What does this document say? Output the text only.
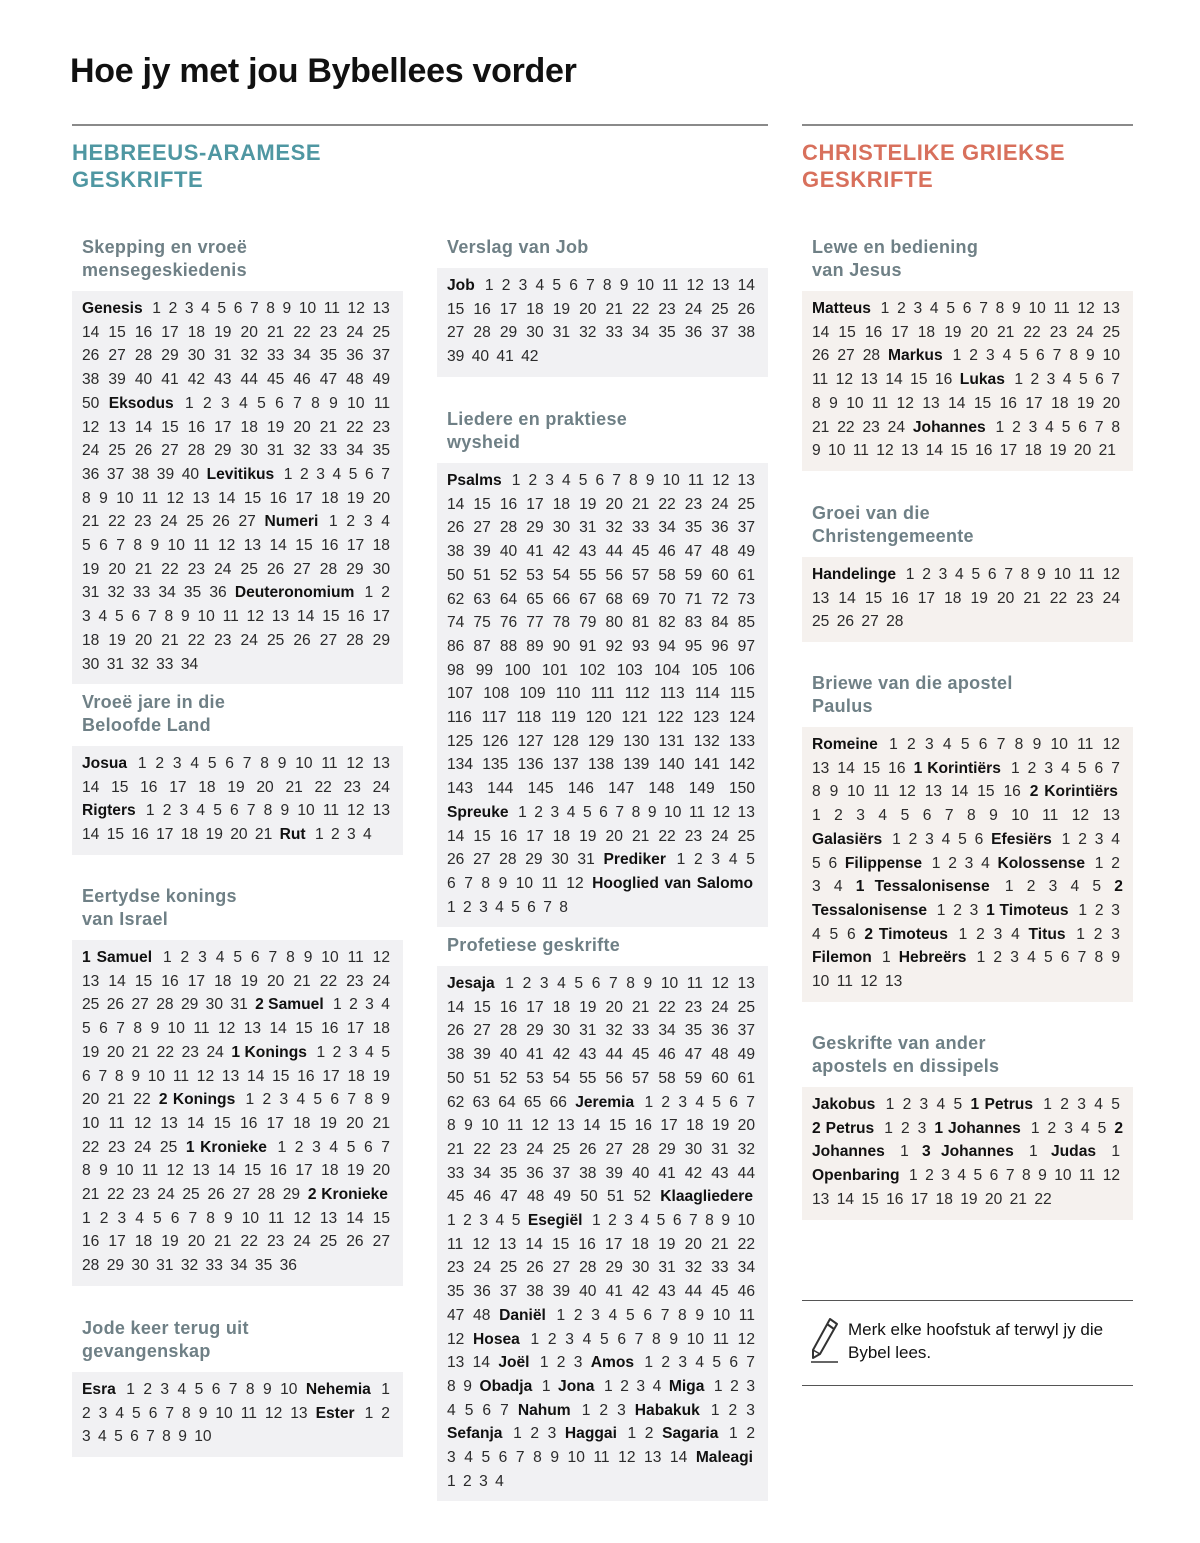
Hoe jy met jou Bybellees vorder
HEBREEUS-ARAMESE
GESKRIFTE
CHRISTELIKE GRIEKSE
GESKRIFTE
Skepping en vroeë
mensegeskiedenis
Genesis 1 2 3 4 5 6 7 8 9 10 11 12 13 14 15 16 17 18 19 20 21 22 23 24 25 26 27 28 29 30 31 32 33 34 35 36 37 38 39 40 41 42 43 44 45 46 47 48 49 50 Eksodus 1 2 3 4 5 6 7 8 9 10 11 12 13 14 15 16 17 18 19 20 21 22 23 24 25 26 27 28 29 30 31 32 33 34 35 36 37 38 39 40 Levitikus 1 2 3 4 5 6 7 8 9 10 11 12 13 14 15 16 17 18 19 20 21 22 23 24 25 26 27 Numeri 1 2 3 4 5 6 7 8 9 10 11 12 13 14 15 16 17 18 19 20 21 22 23 24 25 26 27 28 29 30 31 32 33 34 35 36 Deuteronomium 1 2 3 4 5 6 7 8 9 10 11 12 13 14 15 16 17 18 19 20 21 22 23 24 25 26 27 28 29 30 31 32 33 34
Vroeë jare in die
Beloofde Land
Josua 1 2 3 4 5 6 7 8 9 10 11 12 13 14 15 16 17 18 19 20 21 22 23 24 Rigters 1 2 3 4 5 6 7 8 9 10 11 12 13 14 15 16 17 18 19 20 21 Rut 1 2 3 4
Eertydse konings
van Israel
1 Samuel 1 2 3 4 5 6 7 8 9 10 11 12 13 14 15 16 17 18 19 20 21 22 23 24 25 26 27 28 29 30 31 2 Samuel 1 2 3 4 5 6 7 8 9 10 11 12 13 14 15 16 17 18 19 20 21 22 23 24 1 Konings 1 2 3 4 5 6 7 8 9 10 11 12 13 14 15 16 17 18 19 20 21 22 2 Konings 1 2 3 4 5 6 7 8 9 10 11 12 13 14 15 16 17 18 19 20 21 22 23 24 25 1 Kronieke 1 2 3 4 5 6 7 8 9 10 11 12 13 14 15 16 17 18 19 20 21 22 23 24 25 26 27 28 29 2 Kronieke 1 2 3 4 5 6 7 8 9 10 11 12 13 14 15 16 17 18 19 20 21 22 23 24 25 26 27 28 29 30 31 32 33 34 35 36
Jode keer terug uit
gevangenskap
Esra 1 2 3 4 5 6 7 8 9 10 Nehemia 1 2 3 4 5 6 7 8 9 10 11 12 13 Ester 1 2 3 4 5 6 7 8 9 10
Verslag van Job
Job 1 2 3 4 5 6 7 8 9 10 11 12 13 14 15 16 17 18 19 20 21 22 23 24 25 26 27 28 29 30 31 32 33 34 35 36 37 38 39 40 41 42
Liedere en praktiese
wysheid
Psalms 1 2 3 4 5 6 7 8 9 10 11 12 13 14 15 16 17 18 19 20 21 22 23 24 25 26 27 28 29 30 31 32 33 34 35 36 37 38 39 40 41 42 43 44 45 46 47 48 49 50 51 52 53 54 55 56 57 58 59 60 61 62 63 64 65 66 67 68 69 70 71 72 73 74 75 76 77 78 79 80 81 82 83 84 85 86 87 88 89 90 91 92 93 94 95 96 97 98 99 100 101 102 103 104 105 106 107 108 109 110 111 112 113 114 115 116 117 118 119 120 121 122 123 124 125 126 127 128 129 130 131 132 133 134 135 136 137 138 139 140 141 142 143 144 145 146 147 148 149 150 Spreuke 1 2 3 4 5 6 7 8 9 10 11 12 13 14 15 16 17 18 19 20 21 22 23 24 25 26 27 28 29 30 31 Prediker 1 2 3 4 5 6 7 8 9 10 11 12 Hooglied van Salomo 1 2 3 4 5 6 7 8
Profetiese geskrifte
Jesaja 1 2 3 4 5 6 7 8 9 10 11 12 13 14 15 16 17 18 19 20 21 22 23 24 25 26 27 28 29 30 31 32 33 34 35 36 37 38 39 40 41 42 43 44 45 46 47 48 49 50 51 52 53 54 55 56 57 58 59 60 61 62 63 64 65 66 Jeremia 1 2 3 4 5 6 7 8 9 10 11 12 13 14 15 16 17 18 19 20 21 22 23 24 25 26 27 28 29 30 31 32 33 34 35 36 37 38 39 40 41 42 43 44 45 46 47 48 49 50 51 52 Klaagliedere 1 2 3 4 5 Esegiël 1 2 3 4 5 6 7 8 9 10 11 12 13 14 15 16 17 18 19 20 21 22 23 24 25 26 27 28 29 30 31 32 33 34 35 36 37 38 39 40 41 42 43 44 45 46 47 48 Daniël 1 2 3 4 5 6 7 8 9 10 11 12 Hosea 1 2 3 4 5 6 7 8 9 10 11 12 13 14 Joël 1 2 3 Amos 1 2 3 4 5 6 7 8 9 Obadja 1 Jona 1 2 3 4 Miga 1 2 3 4 5 6 7 Nahum 1 2 3 Habakuk 1 2 3 Sefanja 1 2 3 Haggai 1 2 Sagaria 1 2 3 4 5 6 7 8 9 10 11 12 13 14 Maleagi 1 2 3 4
Lewe en bediening
van Jesus
Matteus 1 2 3 4 5 6 7 8 9 10 11 12 13 14 15 16 17 18 19 20 21 22 23 24 25 26 27 28 Markus 1 2 3 4 5 6 7 8 9 10 11 12 13 14 15 16 Lukas 1 2 3 4 5 6 7 8 9 10 11 12 13 14 15 16 17 18 19 20 21 22 23 24 Johannes 1 2 3 4 5 6 7 8 9 10 11 12 13 14 15 16 17 18 19 20 21
Groei van die
Christengemeente
Handelinge 1 2 3 4 5 6 7 8 9 10 11 12 13 14 15 16 17 18 19 20 21 22 23 24 25 26 27 28
Briewe van die apostel
Paulus
Romeine 1 2 3 4 5 6 7 8 9 10 11 12 13 14 15 16 1 Korintiërs 1 2 3 4 5 6 7 8 9 10 11 12 13 14 15 16 2 Korintiërs 1 2 3 4 5 6 7 8 9 10 11 12 13 Galasiërs 1 2 3 4 5 6 Efesiërs 1 2 3 4 5 6 Filippense 1 2 3 4 Kolossense 1 2 3 4 1 Tessalonisense 1 2 3 4 5 2 Tessalonisense 1 2 3 1 Timoteus 1 2 3 4 5 6 2 Timoteus 1 2 3 4 Titus 1 2 3 Filemon 1 Hebreërs 1 2 3 4 5 6 7 8 9 10 11 12 13
Geskrifte van ander
apostels en dissipels
Jakobus 1 2 3 4 5 1 Petrus 1 2 3 4 5 2 Petrus 1 2 3 1 Johannes 1 2 3 4 5 2 Johannes 1 3 Johannes 1 Judas 1 Openbaring 1 2 3 4 5 6 7 8 9 10 11 12 13 14 15 16 17 18 19 20 21 22

Merk elke hoofstuk af terwyl jy die Bybel lees.
